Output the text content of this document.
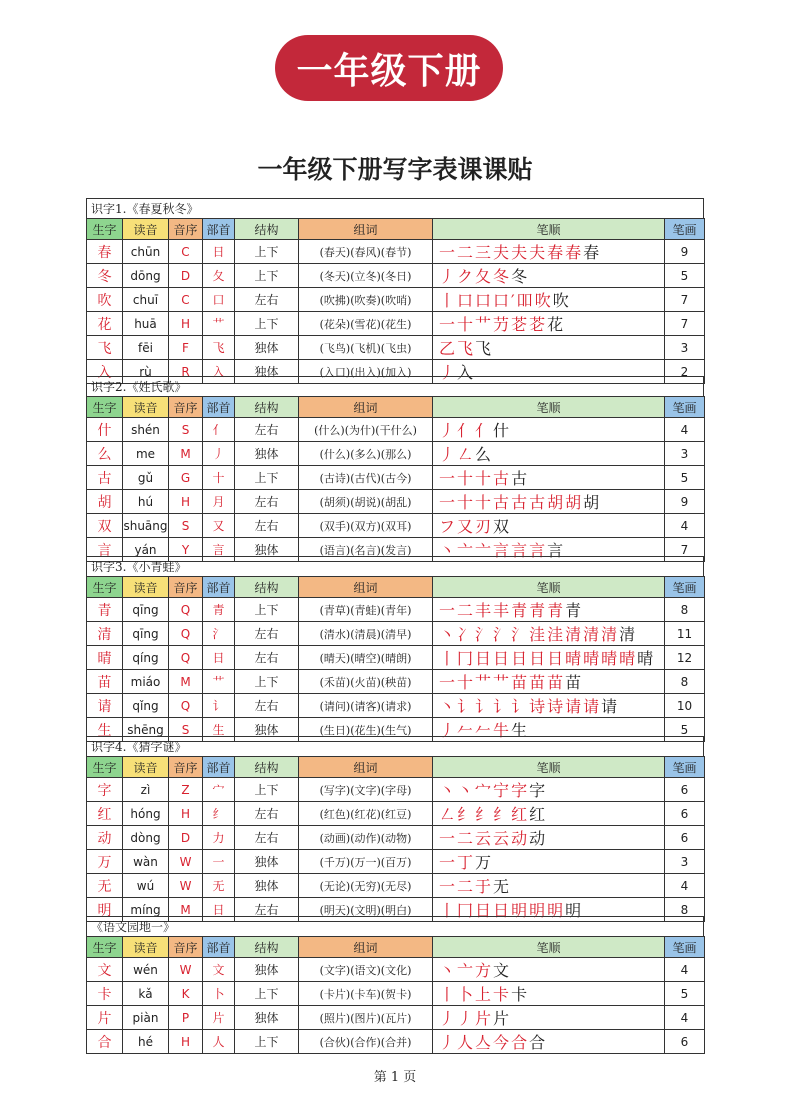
一年级下册
一年级下册写字表课课贴
识字1.《春夏秋冬》
生字	读音	音序	部首	结构	组词	笔顺	笔画
春	chūn	C	日	上下	(春天)(春风)(春节)	一二三夫夫夫春春春	9
冬	dōng	D	夂	上下	(冬天)(立冬)(冬日)	丿ク夂冬冬	5
吹	chuī	C	口	左右	(吹拂)(吹奏)(吹哨)	丨口口口′吅吹吹	7
花	huā	H	艹	上下	(花朵)(雪花)(花生)	一十艹芀芲芲花	7
飞	fēi	F	飞	独体	(飞鸟)(飞机)(飞虫)	乙飞飞	3
入	rù	R	入	独体	(入口)(出入)(加入)	丿入	2
识字2.《姓氏歌》
生字	读音	音序	部首	结构	组词	笔顺	笔画
什	shén	S	亻	左右	(什么)(为什)(干什么)	丿亻亻什	4
么	me	M	丿	独体	(什么)(多么)(那么)	丿㇜么	3
古	gǔ	G	十	上下	(古诗)(古代)(古今)	一十十古古	5
胡	hú	H	月	左右	(胡须)(胡说)(胡乱)	一十十古古古胡胡胡	9
双	shuāng	S	又	左右	(双手)(双方)(双耳)	フ又刃双	4
言	yán	Y	言	独体	(语言)(名言)(发言)	丶亠亠言言言言	7
识字3.《小青蛙》
生字	读音	音序	部首	结构	组词	笔顺	笔画
青	qīng	Q	青	上下	(青草)(青蛙)(青年)	一二丰丰青青青青	8
清	qīng	Q	氵	左右	(清水)(清晨)(清早)	丶冫氵氵氵洼洼清清清清	11
晴	qíng	Q	日	左右	(晴天)(晴空)(晴朗)	丨冂日日日日日晴晴晴晴晴	12
苗	miáo	M	艹	上下	(禾苗)(火苗)(秧苗)	一十艹艹苗苗苗苗	8
请	qǐng	Q	讠	左右	(请问)(请客)(请求)	丶讠讠讠讠诗诗请请请	10
生	shēng	S	生	独体	(生日)(花生)(生气)	丿𠂉𠂉牛生	5
识字4.《猜字谜》
生字	读音	音序	部首	结构	组词	笔顺	笔画
字	zì	Z	宀	上下	(写字)(文字)(字母)	丶丶宀宁字字	6
红	hóng	H	纟	左右	(红色)(红花)(红豆)	㇜纟纟纟红红	6
动	dòng	D	力	左右	(动画)(动作)(动物)	一二云云动动	6
万	wàn	W	一	独体	(千万)(万一)(百万)	一丁万	3
无	wú	W	无	独体	(无论)(无穷)(无尽)	一二于无	4
明	míng	M	日	左右	(明天)(文明)(明白)	丨冂日日明明明明	8
《语文园地一》
生字	读音	音序	部首	结构	组词	笔顺	笔画
文	wén	W	文	独体	(文字)(语文)(文化)	丶亠方文	4
卡	kǎ	K	卜	上下	(卡片)(卡车)(贺卡)	丨卜上卡卡	5
片	piàn	P	片	独体	(照片)(图片)(瓦片)	丿丿片片	4
合	hé	H	人	上下	(合伙)(合作)(合并)	丿人亼今合合	6
第 1 页
